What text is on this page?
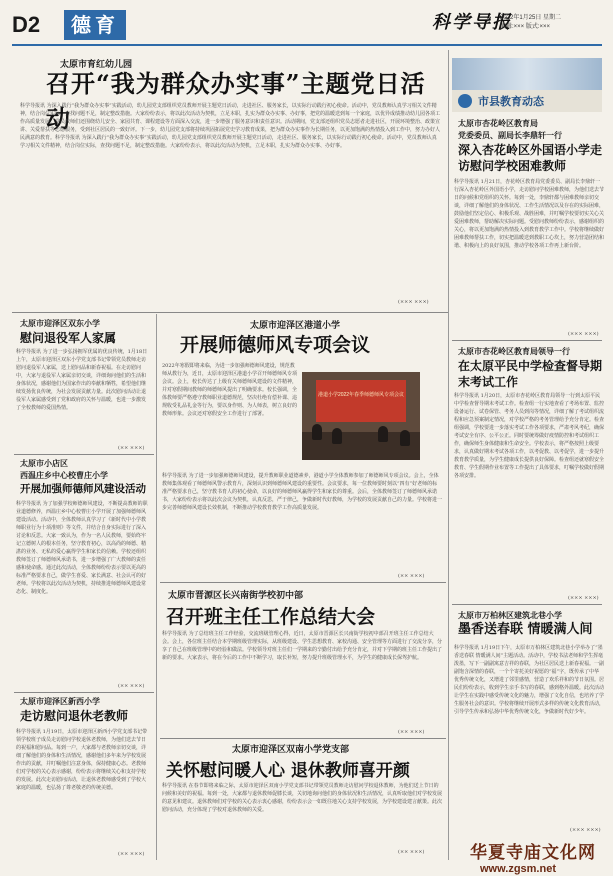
D2	德育	科学导报
2022年1月25日 星期二
编辑:××× 版式:×××
太原市育红幼儿园
召开“我为群众办实事”主题党日活动
科学导报讯 为深入践行“我为群众办实事”实践活动，幼儿园党支部组织党员教师开展主题党日活动，走进社区、服务家长，以实际行动践行初心使命。活动中，党员教师认真学习相关文件精神，结合岗位实际，查找问题不足，制定整改措施。大家纷纷表示，将以此次活动为契机，立足本职，扎实为群众办实事、办好事，把党的温暖送到每一个家庭，以优异成绩推动幼儿园各项工作高质量发展。党员教师们还围绕幼儿安全、家园共育、课程建设等方面深入交流，进一步增强了服务意识和责任意识。活动期间，党支部还组织党员志愿者走进社区，开展环境整治、政策宣讲、关爱帮扶等志愿服务，受到社区居民的一致好评。下一步，幼儿园党支部将持续巩固拓展党史学习教育成果，把为群众办实事作为长期任务，以更加饱满的热情投入到工作中，努力办好人民满意的教育。科学导报讯 为深入践行“我为群众办实事”实践活动，幼儿园党支部组织党员教师开展主题党日活动，走进社区、服务家长，以实际行动践行初心使命。活动中，党员教师认真学习相关文件精神，结合岗位实际，查找问题不足，制定整改措施。大家纷纷表示，将以此次活动为契机，立足本职，扎实为群众办实事、办好事。
(××× ×××)
市县教育动态
太原市杏花岭区教育局
党委委员、副局长李鼎轩一行
深入杏花岭区外国语小学走访慰问学校困难教师
科学导报讯 1月21日，杏花岭区教育局党委委员、副局长李鼎轩一行深入杏花岭区外国语小学，走访慰问学校困难教师，为他们送去节日的问候和党组织的关怀。每到一处，李鼎轩都与困难教师亲切交谈，详细了解他们的身体状况、工作生活情况以及存在的实际困难，鼓励他们坚定信心、积极乐观、战胜困难，并叮嘱学校要切实关心关爱困难教师，帮助解决实际问题。受慰问教师纷纷表示，感谢组织的关心，将以更加饱满的热情投入到教育教学工作中。学校将继续做好困难教师帮扶工作，切实把温暖送到教职工心坎上，努力营造团结和谐、积极向上的良好氛围，推动学校各项工作再上新台阶。
(××× ×××)
太原市杏花岭区教育局领导一行
在太原平民中学检查督导期末考试工作
科学导报讯 1月20日，太原市杏花岭区教育局领导一行到太原平民中学检查督导期末考试工作。检查组一行实地查看了考场布置、监控设备运行、试卷保管、考务人员到岗等情况，详细了解了考试组织流程和应急预案制定情况，对学校严格的考务管理给予充分肯定。检查组强调，学校要进一步落实考试工作各项要求，严肃考风考纪，确保考试安全有序、公平公正。同时要统筹做好疫情防控和考试组织工作，确保师生身体健康和生命安全。学校表示，将严格按照上级要求，认真做好期末考试各项工作，以考促教、以考促学，进一步提升教育教学质量，为学生健康成长提供良好保障。检查组还就寒假安全教育、学生假期作业布置等工作提出了具体要求，叮嘱学校做好假期各项安排。
(××× ×××)
太原市万柏林区建筑北巷小学
墨香送春联 情暖满人间
科学导报讯 1月19日下午，太原市万柏林区建筑北巷小学举办了“墨香送春联 情暖满人间”主题活动。活动中，学校书法老师和学生挥毫泼墨，写下一副副寓意吉祥的春联，为社区居民送上新春祝福。一副副饱含深情的春联，一个个寄托美好祝愿的“福”字，既传承了中华优秀传统文化，又增进了邻里感情，营造了欢乐祥和的节日氛围。居民们纷纷表示，收到学生亲手书写的春联，感到格外温暖。此次活动让学生在实践中感受传统文化的魅力，增强了文化自信，也培养了学生服务社会的意识。学校将继续开展形式多样的传统文化教育活动，引导学生传承和弘扬中华优秀传统文化，争做新时代好少年。
(××× ×××)
太原市迎泽区双东小学
慰问退役军人家属
科学导报讯 为了进一步弘扬拥军优属的优良传统，1月18日上午，太原市迎泽区双东小学党支部书记带领党员教师走访慰问退役军人家属，送上慰问品和新春祝福。在走访慰问中，大家与退役军人家属亲切交谈，详细询问他们的生活和身体状况，感谢他们为国家作出的奉献和牺牲，希望他们继续发扬优良传统，为社会发展贡献力量。此次慰问活动让退役军人家属感受到了党和政府的关怀与温暖，也进一步激发了全校教师的爱国热情。
(×× ×××)
太原市小店区
西温庄乡中心校曹庄小学
开展加强师德师风建设活动
科学导报讯 为了加强学校师德师风建设，不断提高教师的职业道德修养，西温庄乡中心校曹庄小学开展了加强师德师风建设活动。活动中，全体教师认真学习了《新时代中小学教师职业行为十项准则》等文件，并结合自身实际进行了深入讨论和反思。大家一致认为，作为一名人民教师，要始终牢记立德树人的根本任务，坚守教育初心，以高尚的师德、精湛的业务、无私的爱心赢得学生和家长的信赖。学校还组织教师签订了师德师风承诺书，进一步增强了广大教师的责任感和使命感。通过此次活动，全体教师纷纷表示要以更高的标准严格要求自己，做学生喜爱、家长满意、社会认可的好老师。学校将以此次活动为契机，持续推进师德师风建设常态化、制度化。
(×× ×××)
太原市迎泽区新西小学
走访慰问退休老教师
科学导报讯 1月19日，太原市迎泽区新西小学党支部书记带领学校班子成员走访慰问学校退休老教师，为他们送去节日的祝福和慰问品。每到一户，大家都与老教师亲切交谈，详细了解他们的身体和生活情况，感谢他们多年来为学校发展作出的贡献，并叮嘱他们注意身体，保持健康心态。老教师们对学校的关心表示感谢，纷纷表示将继续关心和支持学校的发展。此次走访慰问活动，让退休老教师感受到了学校大家庭的温暖，也弘扬了尊老敬老的传统美德。
(×× ×××)
太原市迎泽区港道小学
开展师德师风专项会议
2022年寒假即将来临，为进一步加强师德师风建设，规范教师从教行为，近日，太原市迎泽区港道小学召开师德师风专项会议。会上，校长传达了上级有关师德师风建设的文件精神，并对寒假期间教师的师德师风提出了明确要求。校长强调，全体教师要严格遵守教师职业道德规范，坚决杜绝有偿补课、违规收受礼品礼金等行为，要以身作则、为人师表，树立良好的教师形象。会议还对寒假安全工作进行了部署。
港道小学2022年春季师德师风专项会议
科学导报讯 为了进一步加强师德师风建设，提升教师职业道德素养，港道小学全体教师参加了师德师风专项会议。会上，全体教师集体观看了师德师风警示教育片，深刻认识到师德师风建设的重要性。会议要求，每一位教师要时刻以“四有”好老师的标准严格要求自己，坚守教书育人的初心使命，以良好的师德师风赢得学生和家长的尊重。会后，全体教师签订了师德师风承诺书，大家纷纷表示将以此次会议为契机，认真反思，严于律己，争做新时代好教师，为学校的发展贡献自己的力量。学校将进一步完善师德师风建设长效机制，不断推动学校教育教学工作高质量发展。
(×× ×××)
太原市晋源区长兴南街学校初中部
召开班主任工作总结大会
科学导报讯 为了总结班主任工作经验，交流班级管理心得，近日，太原市晋源区长兴南街学校初中部召开班主任工作总结大会。会上，各位班主任结合本学期班级管理实际，从班级建设、学生思想教育、家校沟通、安全管理等方面进行了交流分享，分享了自己在班级管理中的经验和做法。学校领导对班主任们一学期来的辛勤付出给予充分肯定，并对下学期的班主任工作提出了新的要求。大家表示，将在今后的工作中不断学习，取长补短，努力提升班级管理水平，为学生的健康成长保驾护航。
(×× ×××)
太原市迎泽区双南小学党支部
关怀慰问暖人心 退休教师喜开颜
科学导报讯 在春节即将来临之际，太原市迎泽区双南小学党支部书记带领党员教师走访慰问学校退休教师，为他们送上节日的问候和美好的祝福。每到一处，大家都与退休教师促膝长谈，关切地询问他们的身体状况和生活情况，认真听取他们对学校发展的意见和建议。退休教师们对学校的关心表示衷心感谢，纷纷表示会一如既往地关心支持学校发展，为学校建设建言献策。此次慰问活动，充分体现了学校对退休教师的关爱。
(×× ×××)	华夏寺庙文化网
www.zgsm.net
